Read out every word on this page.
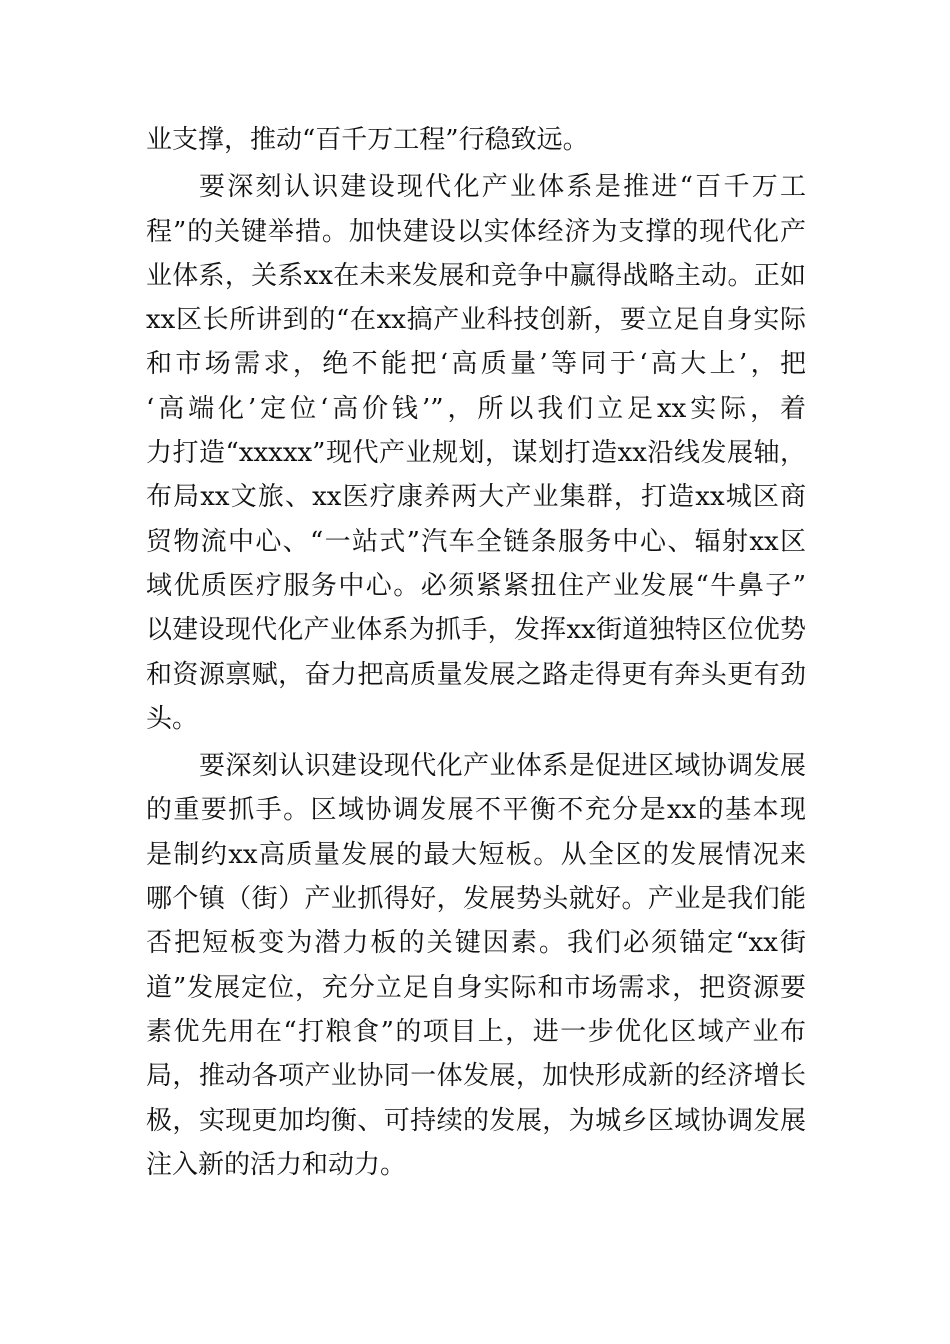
业支撑，推动“百千万工程”行稳致远。

要深刻认识建设现代化产业体系是推进“百千万工
程”的关键举措。加快建设以实体经济为支撑的现代化产
业体系，关系xx在未来发展和竞争中赢得战略主动。正如
xx区长所讲到的“在xx搞产业科技创新，要立足自身实际
和市场需求，绝不能把‘高质量’等同于‘高大上’，把
‘高端化’定位‘高价钱’”，所以我们立足xx实际，着
力打造“xxxxx”现代产业规划，谋划打造xx沿线发展轴，
布局xx文旅、xx医疗康养两大产业集群，打造xx城区商
贸物流中心、“一站式”汽车全链条服务中心、辐射xx区
域优质医疗服务中心。必须紧紧扭住产业发展“牛鼻子”
以建设现代化产业体系为抓手，发挥xx街道独特区位优势
和资源禀赋，奋力把高质量发展之路走得更有奔头更有劲
头。

要深刻认识建设现代化产业体系是促进区域协调发展
的重要抓手。区域协调发展不平衡不充分是xx的基本现
是制约xx高质量发展的最大短板。从全区的发展情况来
哪个镇（街）产业抓得好，发展势头就好。产业是我们能
否把短板变为潜力板的关键因素。我们必须锚定“xx街
道”发展定位，充分立足自身实际和市场需求，把资源要
素优先用在“打粮食”的项目上，进一步优化区域产业布
局，推动各项产业协同一体发展，加快形成新的经济增长
极，实现更加均衡、可持续的发展，为城乡区域协调发展
注入新的活力和动力。
